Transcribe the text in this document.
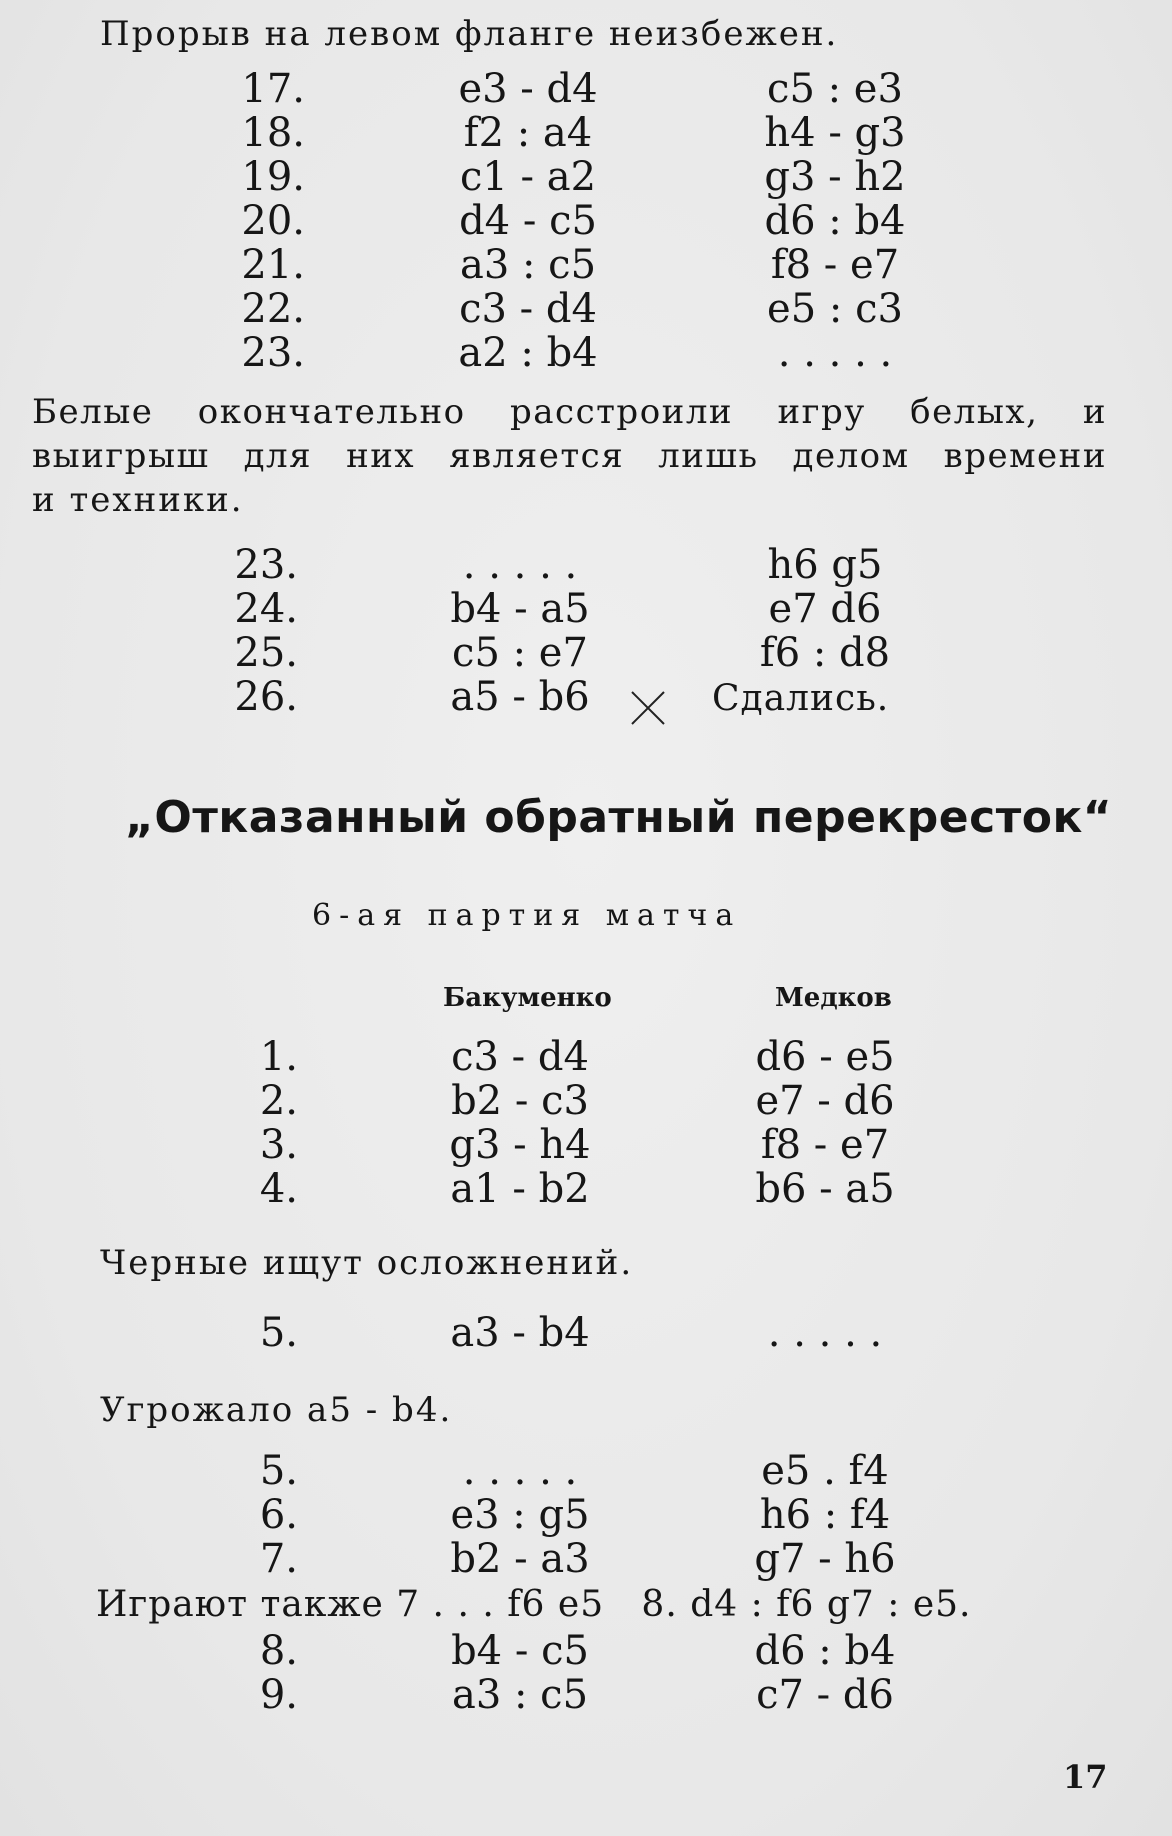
Прорыв на левом фланге неизбежен.
17.	e3 - d4	c5 : e3
18.	f2 : a4	h4 - g3
19.	c1 - a2	g3 - h2
20.	d4 - c5	d6 : b4
21.	a3 : c5	f8 - e7
22.	c3 - d4	e5 : c3
23.	a2 : b4	. . . . .
Белые окончательно расстроили игру белых, и
выигрыш для них является лишь делом времени
и техники.
23.	. . . . .	h6 g5
24.	b4 - a5	e7 d6
25.	c5 : e7	f6 : d8
26.	a5 - b6	Сдались.
„Отказанный обратный перекресток“
6-ая партия матча
Бакуменко	Медков
1.	c3 - d4	d6 - e5
2.	b2 - c3	e7 - d6
3.	g3 - h4	f8 - e7
4.	a1 - b2	b6 - a5
Черные ищут осложнений.
5.	a3 - b4	. . . . .
Угрожало a5 - b4.
5.	. . . . .	e5 . f4
6.	e3 : g5	h6 : f4
7.	b2 - a3	g7 - h6
Играют также 7 . . . f6 e5   8. d4 : f6 g7 : e5.
8.	b4 - c5	d6 : b4
9.	a3 : c5	c7 - d6
17
